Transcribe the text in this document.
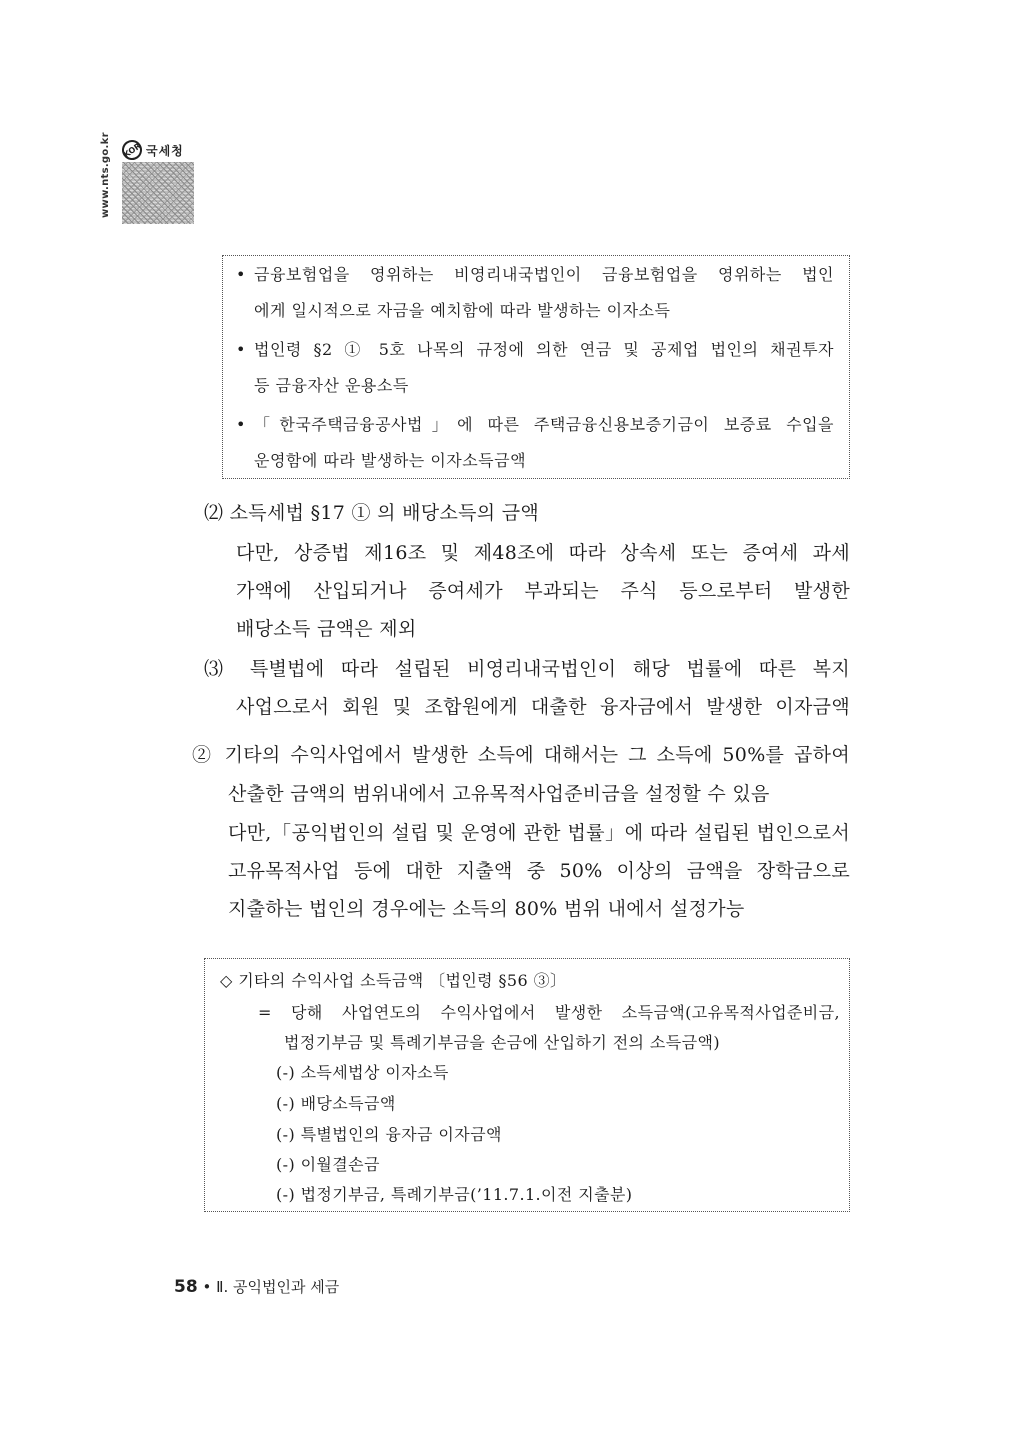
www.nts.go.kr	KOR 국세청
• 금융보험업을 영위하는 비영리내국법인이 금융보험업을 영위하는 법인
에게 일시적으로 자금을 예치함에 따라 발생하는 이자소득
• 법인령 §2 ① 5호 나목의 규정에 의한 연금 및 공제업 법인의 채권투자
등 금융자산 운용소득
• 「한국주택금융공사법」에 따른 주택금융신용보증기금이 보증료 수입을
운영함에 따라 발생하는 이자소득금액
⑵ 소득세법 §17 ① 의 배당소득의 금액
다만, 상증법 제16조 및 제48조에 따라 상속세 또는 증여세 과세
가액에 산입되거나 증여세가 부과되는 주식 등으로부터 발생한
배당소득 금액은 제외
⑶ 특별법에 따라 설립된 비영리내국법인이 해당 법률에 따른 복지
사업으로서 회원 및 조합원에게 대출한 융자금에서 발생한 이자금액
② 기타의 수익사업에서 발생한 소득에 대해서는 그 소득에 50%를 곱하여
산출한 금액의 범위내에서 고유목적사업준비금을 설정할 수 있음
다만,「공익법인의 설립 및 운영에 관한 법률」에 따라 설립된 법인으로서
고유목적사업 등에 대한 지출액 중 50% 이상의 금액을 장학금으로
지출하는 법인의 경우에는 소득의 80% 범위 내에서 설정가능
◇ 기타의 수익사업 소득금액 〔법인령 §56 ③〕
= 당해 사업연도의 수익사업에서 발생한 소득금액(고유목적사업준비금,
법정기부금 및 특례기부금을 손금에 산입하기 전의 소득금액)
(-) 소득세법상 이자소득
(-) 배당소득금액
(-) 특별법인의 융자금 이자금액
(-) 이월결손금
(-) 법정기부금, 특례기부금(’11.7.1.이전 지출분)
58 • Ⅱ. 공익법인과 세금
